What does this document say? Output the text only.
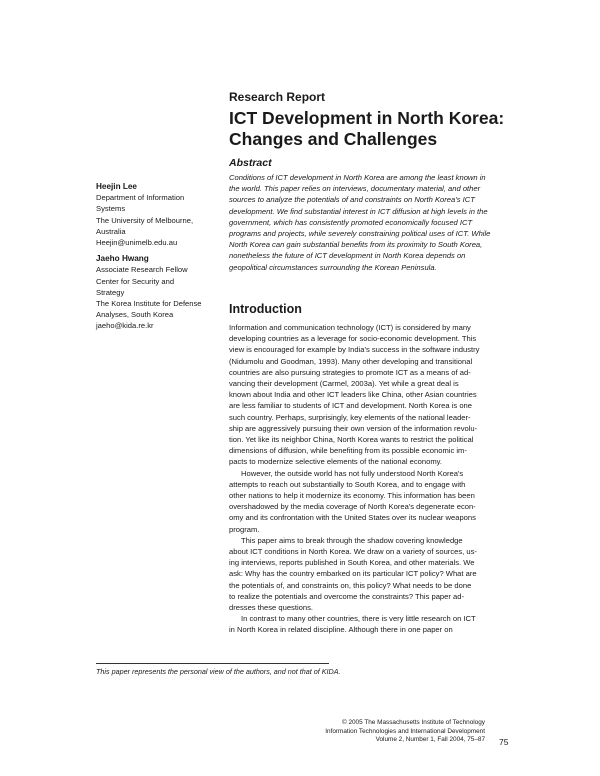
Research Report
ICT Development in North Korea: Changes and Challenges
Abstract
Conditions of ICT development in North Korea are among the least known in
the world. This paper relies on interviews, documentary material, and other
sources to analyze the potentials of and constraints on North Korea's ICT
development. We find substantial interest in ICT diffusion at high levels in the
government, which has consistently promoted economically focused ICT
programs and projects, while severely constraining political uses of ICT. While
North Korea can gain substantial benefits from its proximity to South Korea,
nonetheless the future of ICT development in North Korea depends on
geopolitical circumstances surrounding the Korean Peninsula.
Heejin Lee
Department of Information
Systems
The University of Melbourne,
Australia
Heejin@unimelb.edu.au
Jaeho Hwang
Associate Research Fellow
Center for Security and
Strategy
The Korea Institute for Defense
Analyses, South Korea
jaeho@kida.re.kr
Introduction

Information and communication technology (ICT) is considered by many
developing countries as a leverage for socio-economic development. This
view is encouraged for example by India's success in the software industry
(Nidumolu and Goodman, 1993). Many other developing and transitional
countries are also pursuing strategies to promote ICT as a means of ad-
vancing their development (Carmel, 2003a). Yet while a great deal is
known about India and other ICT leaders like China, other Asian countries
are less familiar to students of ICT and development. North Korea is one
such country. Perhaps, surprisingly, key elements of the national leader-
ship are aggressively pursuing their own version of the information revolu-
tion. Yet like its neighbor China, North Korea wants to restrict the political
dimensions of diffusion, while benefiting from its possible economic im-
pacts to modernize selective elements of the national economy.

However, the outside world has not fully understood North Korea's
attempts to reach out substantially to South Korea, and to engage with
other nations to help it modernize its economy. This information has been
overshadowed by the media coverage of North Korea's degenerate econ-
omy and its confrontation with the United States over its nuclear weapons
program.

This paper aims to break through the shadow covering knowledge
about ICT conditions in North Korea. We draw on a variety of sources, us-
ing interviews, reports published in South Korea, and other materials. We
ask: Why has the country embarked on its particular ICT policy? What are
the potentials of, and constraints on, this policy? What needs to be done
to realize the potentials and overcome the constraints? This paper ad-
dresses these questions.

In contrast to many other countries, there is very little research on ICT
in North Korea in related discipline. Although there in one paper on

This paper represents the personal view of the authors, and not that of KIDA.
© 2005 The Massachusetts Institute of Technology
Information Technologies and International Development
Volume 2, Number 1, Fall 2004, 75–87 75
